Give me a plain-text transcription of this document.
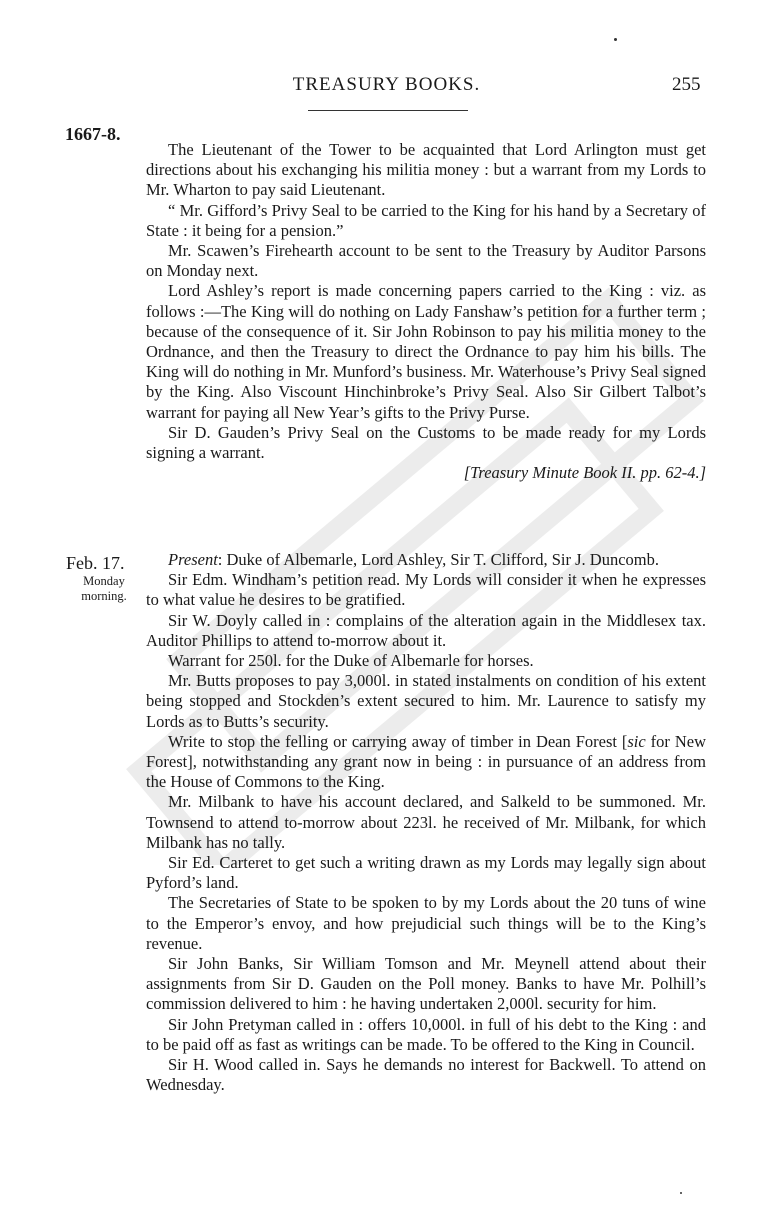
TREASURY BOOKS.	255
1667-8.
Feb. 17.
Monday morning.

The Lieutenant of the Tower to be acquainted that Lord Arlington must get directions about his exchanging his militia money : but a warrant from my Lords to Mr. Wharton to pay said Lieutenant.

“ Mr. Gifford’s Privy Seal to be carried to the King for his hand by a Secretary of State : it being for a pension.”

Mr. Scawen’s Firehearth account to be sent to the Treasury by Auditor Parsons on Monday next.

Lord Ashley’s report is made concerning papers carried to the King : viz. as follows :—The King will do nothing on Lady Fanshaw’s petition for a further term ; because of the consequence of it. Sir John Robinson to pay his militia money to the Ordnance, and then the Treasury to direct the Ordnance to pay him his bills. The King will do nothing in Mr. Munford’s business. Mr. Waterhouse’s Privy Seal signed by the King. Also Viscount Hinchinbroke’s Privy Seal. Also Sir Gilbert Talbot’s warrant for paying all New Year’s gifts to the Privy Purse.

Sir D. Gauden’s Privy Seal on the Customs to be made ready for my Lords signing a warrant.

[Treasury Minute Book II. pp. 62-4.]

Present: Duke of Albemarle, Lord Ashley, Sir T. Clifford, Sir J. Duncomb.

Sir Edm. Windham’s petition read. My Lords will consider it when he expresses to what value he desires to be gratified.

Sir W. Doyly called in : complains of the alteration again in the Middlesex tax. Auditor Phillips to attend to-morrow about it.

Warrant for 250l. for the Duke of Albemarle for horses.

Mr. Butts proposes to pay 3,000l. in stated instalments on condition of his extent being stopped and Stockden’s extent secured to him. Mr. Laurence to satisfy my Lords as to Butts’s security.

Write to stop the felling or carrying away of timber in Dean Forest [sic for New Forest], notwithstanding any grant now in being : in pursuance of an address from the House of Commons to the King.

Mr. Milbank to have his account declared, and Salkeld to be summoned. Mr. Townsend to attend to-morrow about 223l. he received of Mr. Milbank, for which Milbank has no tally.

Sir Ed. Carteret to get such a writing drawn as my Lords may legally sign about Pyford’s land.

The Secretaries of State to be spoken to by my Lords about the 20 tuns of wine to the Emperor’s envoy, and how prejudicial such things will be to the King’s revenue.

Sir John Banks, Sir William Tomson and Mr. Meynell attend about their assignments from Sir D. Gauden on the Poll money. Banks to have Mr. Polhill’s commission delivered to him : he having undertaken 2,000l. security for him.

Sir John Pretyman called in : offers 10,000l. in full of his debt to the King : and to be paid off as fast as writings can be made. To be offered to the King in Council.

Sir H. Wood called in. Says he demands no interest for Backwell. To attend on Wednesday.
